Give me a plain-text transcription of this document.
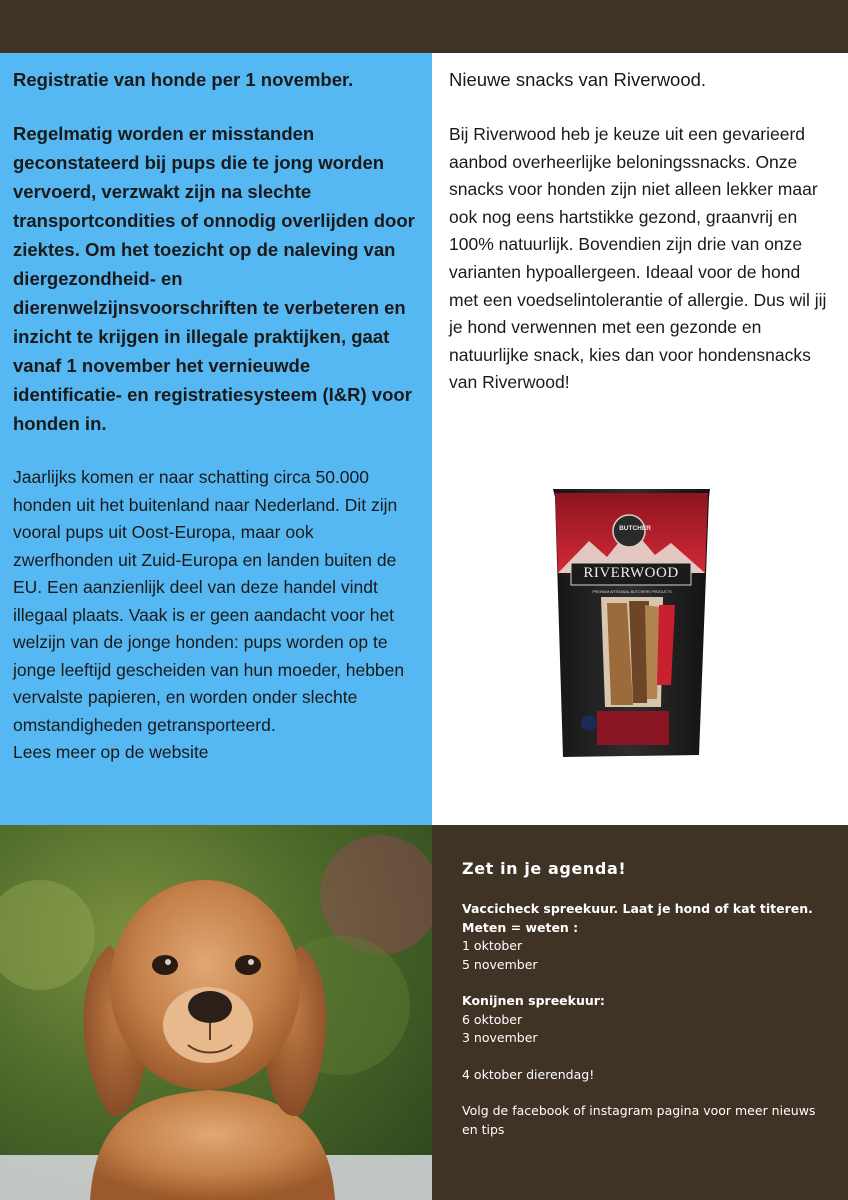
Registratie van honde per 1 november.

Regelmatig worden er misstanden geconstateerd bij pups die te jong worden vervoerd, verzwakt zijn na slechte transportcondities of onnodig overlijden door ziektes. Om het toezicht op de naleving van diergezondheid- en dierenwelzijnsvoorschriften te verbeteren en inzicht te krijgen in illegale praktijken, gaat vanaf 1 november het vernieuwde identificatie- en registratiesysteem (I&R) voor honden in.

Jaarlijks komen er naar schatting circa 50.000 honden uit het buitenland naar Nederland. Dit zijn vooral pups uit Oost-Europa, maar ook zwerfhonden uit Zuid-Europa en landen buiten de EU. Een aanzienlijk deel van deze handel vindt illegaal plaats. Vaak is er geen aandacht voor het welzijn van de jonge honden: pups worden op te jonge leeftijd gescheiden van hun moeder, hebben vervalste papieren, en worden onder slechte omstandigheden getransporteerd.

Lees meer op de website

Nieuwe snacks van Riverwood.

Bij Riverwood heb je keuze uit een gevarieerd aanbod overheerlijke beloningssnacks. Onze snacks voor honden zijn niet alleen lekker maar ook nog eens hartstikke gezond, graanvrij en 100% natuurlijk. Bovendien zijn drie van onze varianten hypoallergeen. Ideaal voor de hond met een voedselintolerantie of allergie. Dus wil jij je hond verwennen met een gezonde en natuurlijke snack, kies dan voor hondensnacks van Riverwood!

BUTCHER
RIVERWOOD
PREMIUM ARTISANAL BUTCHERS PRODUCTS

Zet in je agenda!

Vaccicheck spreekuur. Laat je hond of kat titeren.
Meten = weten :
1 oktober
5 november
Konijnen spreekuur:
6 oktober
3 november
4 oktober dierendag!
Volg de facebook of instagram pagina voor meer nieuws en tips
